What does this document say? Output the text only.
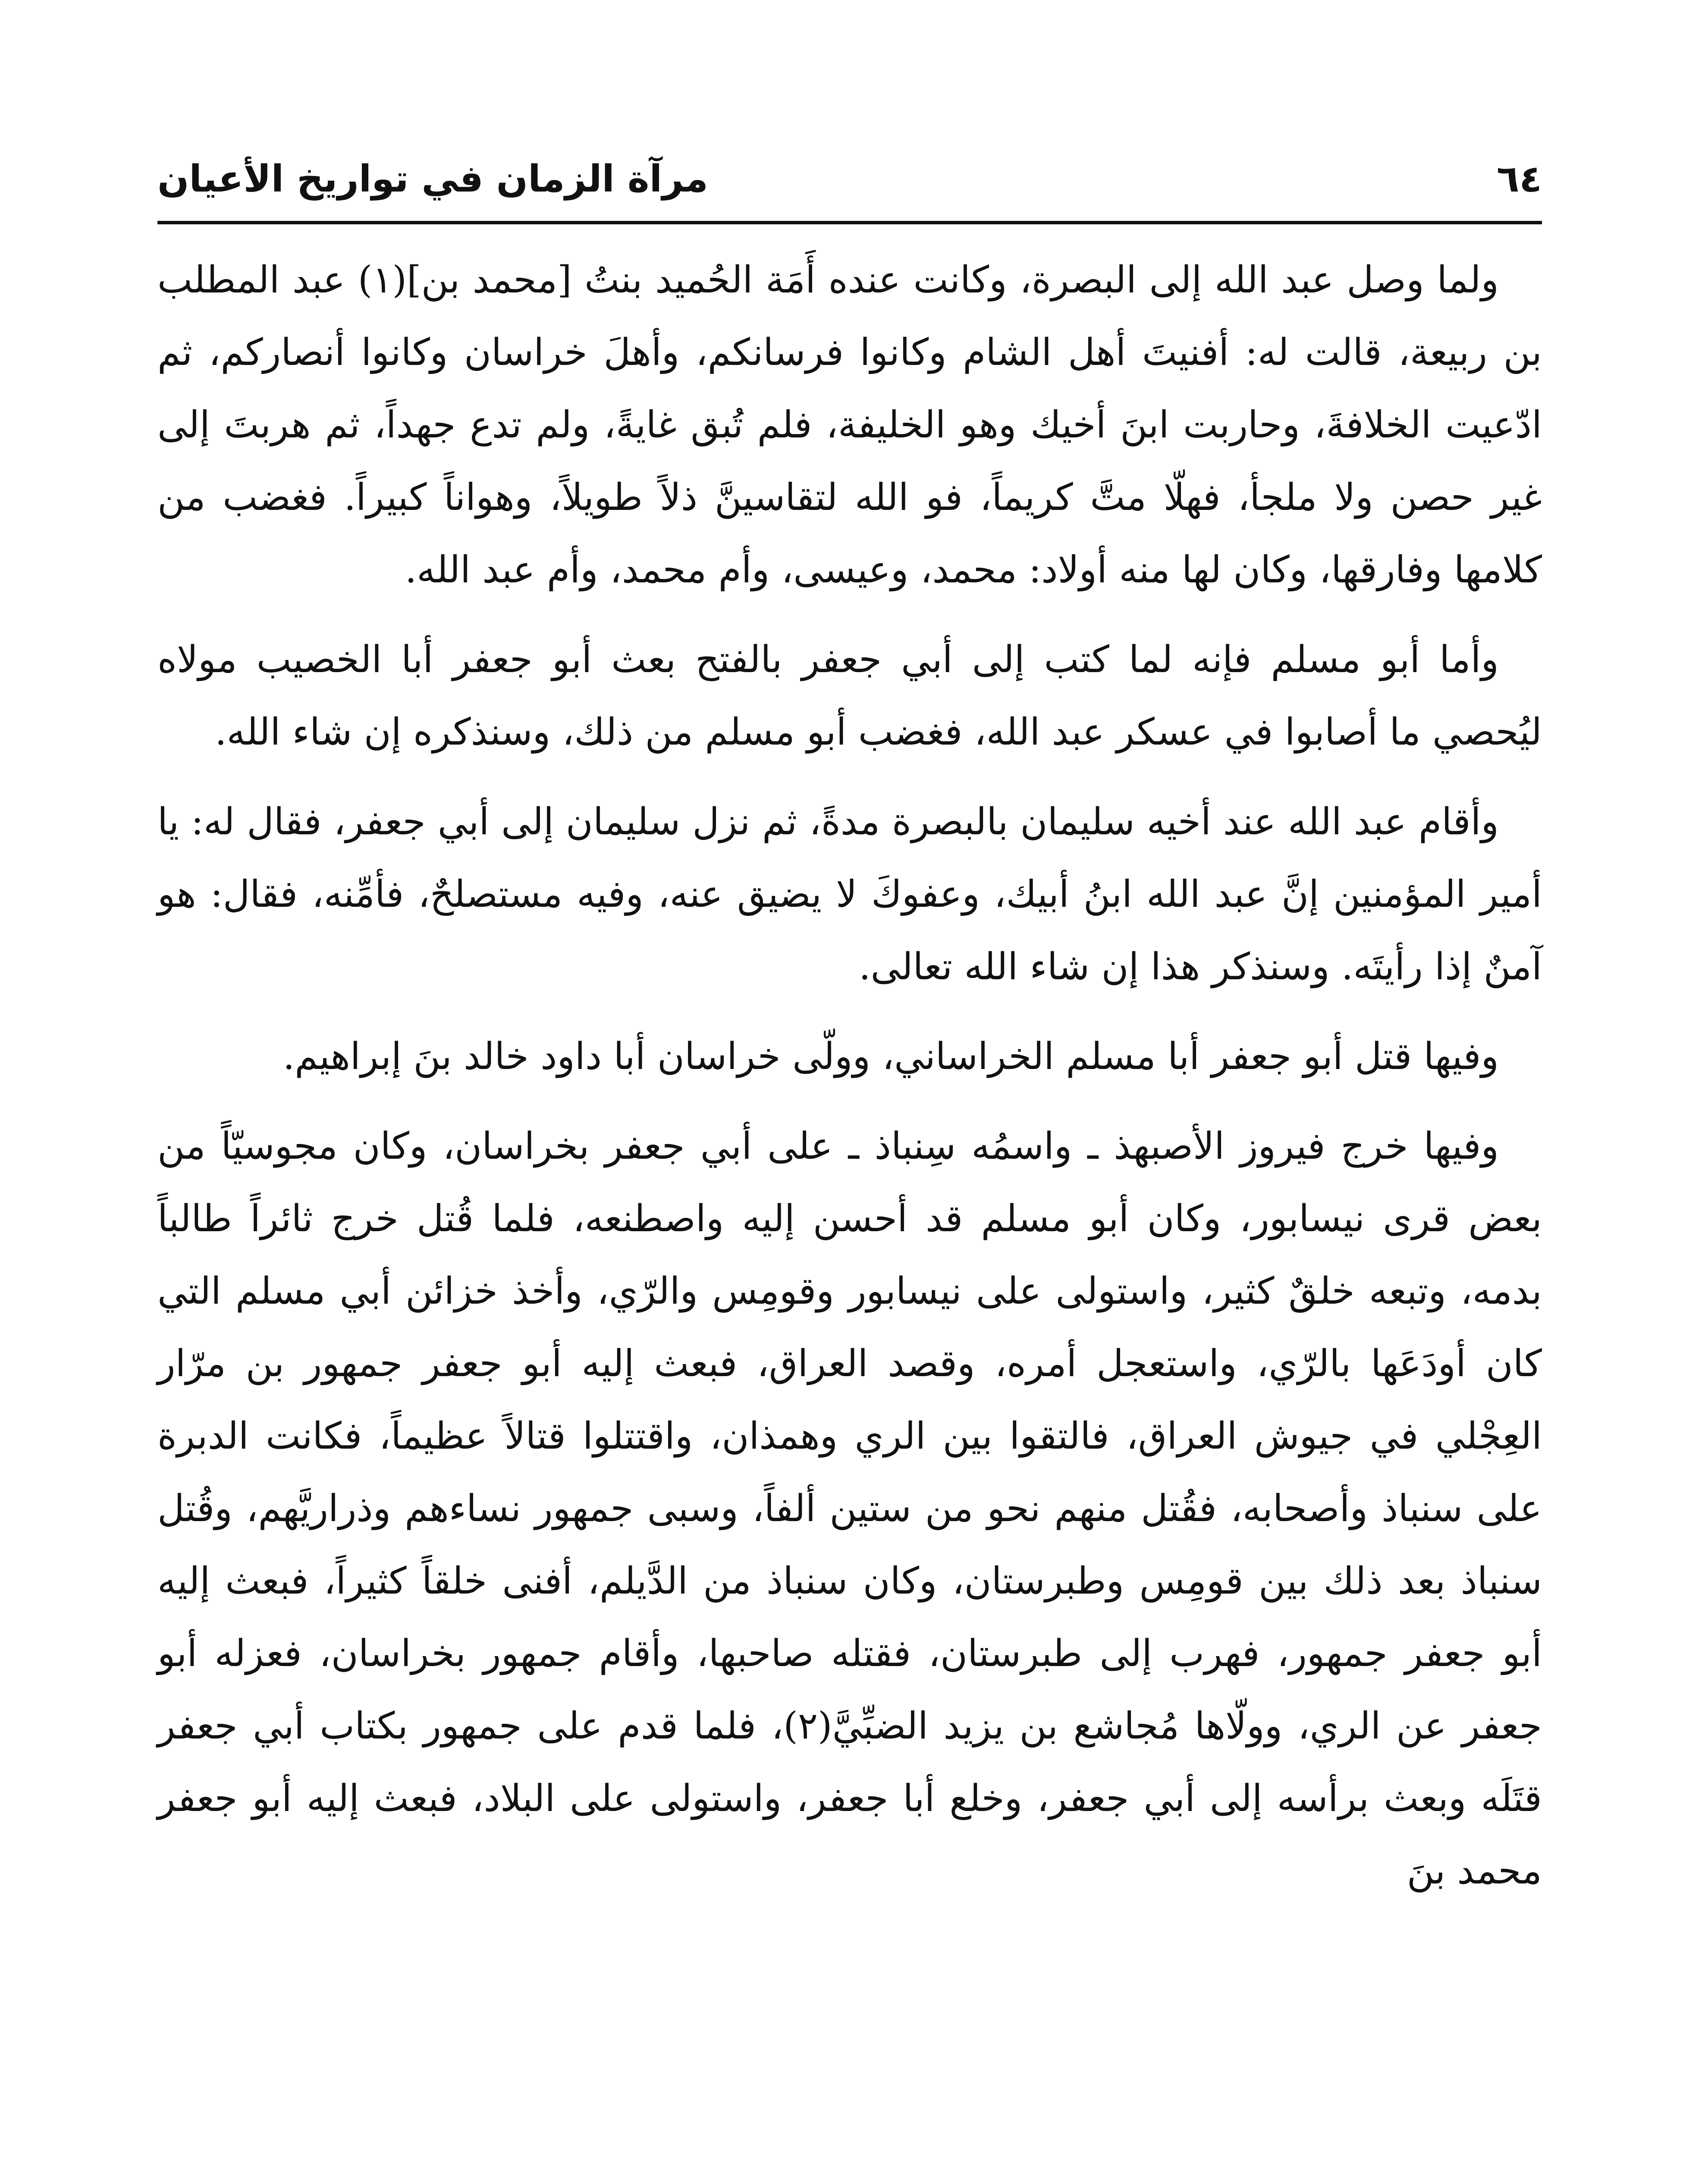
٦٤
مرآة الزمان في تواريخ الأعيان

ولما وصل عبد الله إلى البصرة، وكانت عنده أَمَة الحُميد بنتُ [محمد بن](١) عبد المطلب بن ربيعة، قالت له: أفنيتَ أهل الشام وكانوا فرسانكم، وأهلَ خراسان وكانوا أنصاركم، ثم ادّعيت الخلافةَ، وحاربت ابنَ أخيك وهو الخليفة، فلم تُبق غايةً، ولم تدع جهداً، ثم هربتَ إلى غير حصن ولا ملجأ، فهلّا متَّ كريماً، فو الله لتقاسينَّ ذلاً طويلاً، وهواناً كبيراً. فغضب من كلامها وفارقها، وكان لها منه أولاد: محمد، وعيسى، وأم محمد، وأم عبد الله.

وأما أبو مسلم فإنه لما كتب إلى أبي جعفر بالفتح بعث أبو جعفر أبا الخصيب مولاه ليُحصي ما أصابوا في عسكر عبد الله، فغضب أبو مسلم من ذلك، وسنذكره إن شاء الله.

وأقام عبد الله عند أخيه سليمان بالبصرة مدةً، ثم نزل سليمان إلى أبي جعفر، فقال له: يا أمير المؤمنين إنَّ عبد الله ابنُ أبيك، وعفوكَ لا يضيق عنه، وفيه مستصلحٌ، فأمِّنه، فقال: هو آمنٌ إذا رأيتَه. وسنذكر هذا إن شاء الله تعالى.

وفيها قتل أبو جعفر أبا مسلم الخراساني، وولّى خراسان أبا داود خالد بنَ إبراهيم.

وفيها خرج فيروز الأصبهذ ـ واسمُه سِنباذ ـ على أبي جعفر بخراسان، وكان مجوسيّاً من بعض قرى نيسابور، وكان أبو مسلم قد أحسن إليه واصطنعه، فلما قُتل خرج ثائراً طالباً بدمه، وتبعه خلقٌ كثير، واستولى على نيسابور وقومِس والرّي، وأخذ خزائن أبي مسلم التي كان أودَعَها بالرّي، واستعجل أمره، وقصد العراق، فبعث إليه أبو جعفر جمهور بن مرّار العِجْلي في جيوش العراق، فالتقوا بين الري وهمذان، واقتتلوا قتالاً عظيماً، فكانت الدبرة على سنباذ وأصحابه، فقُتل منهم نحو من ستين ألفاً، وسبى جمهور نساءهم وذراريَّهم، وقُتل سنباذ بعد ذلك بين قومِس وطبرستان، وكان سنباذ من الدَّيلم، أفنى خلقاً كثيراً، فبعث إليه أبو جعفر جمهور، فهرب إلى طبرستان، فقتله صاحبها، وأقام جمهور بخراسان، فعزله أبو جعفر عن الري، وولّاها مُجاشع بن يزيد الضبِّيَّ(٢)، فلما قدم على جمهور بكتاب أبي جعفر قتَلَه وبعث برأسه إلى أبي جعفر، وخلع أبا جعفر، واستولى على البلاد، فبعث إليه أبو جعفر محمد بنَ
